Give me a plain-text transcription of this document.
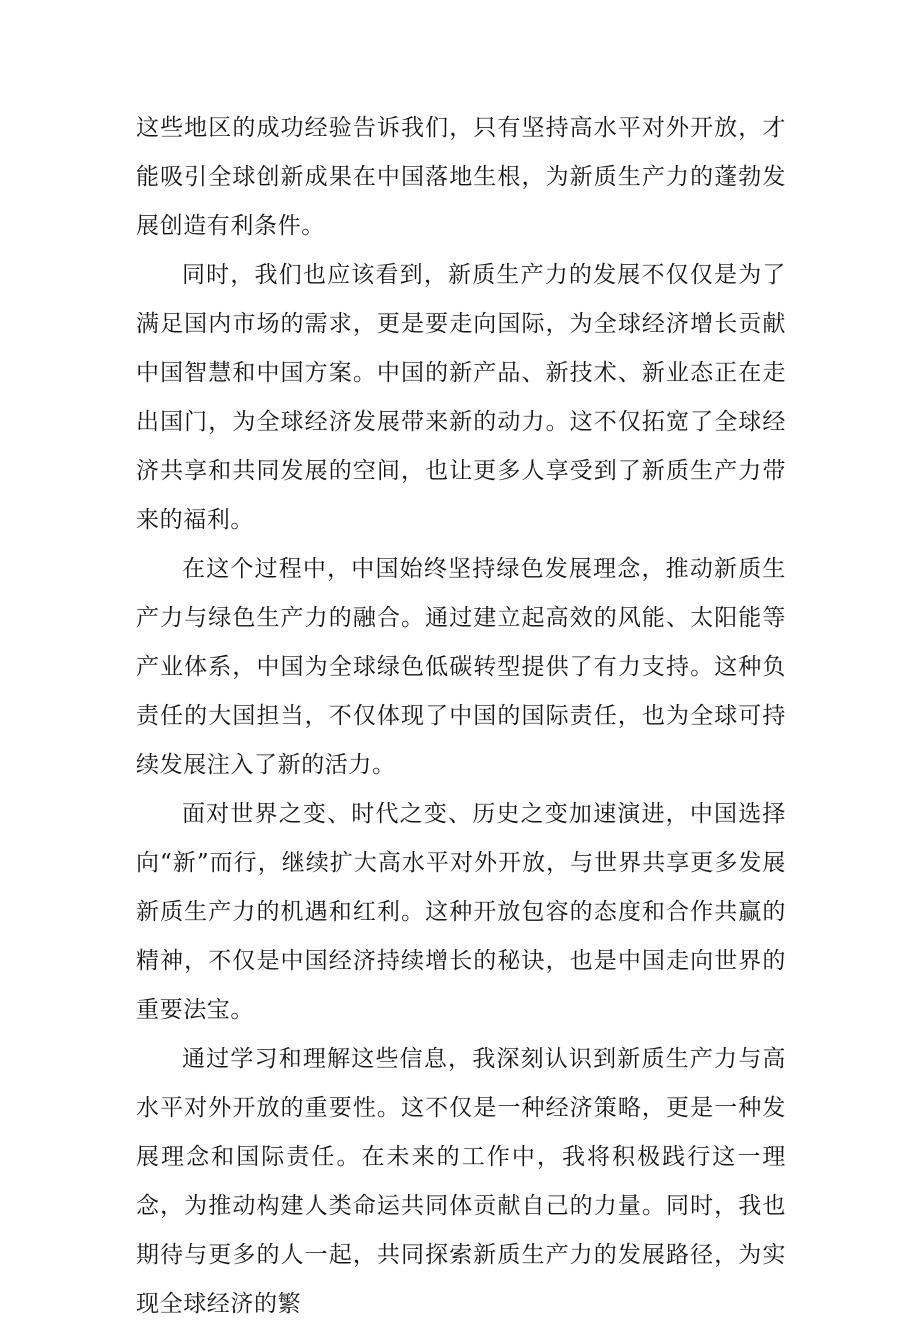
这些地区的成功经验告诉我们，只有坚持高水平对外开放，才能吸引全球创新成果在中国落地生根，为新质生产力的蓬勃发展创造有利条件。

同时，我们也应该看到，新质生产力的发展不仅仅是为了满足国内市场的需求，更是要走向国际，为全球经济增长贡献中国智慧和中国方案。中国的新产品、新技术、新业态正在走出国门，为全球经济发展带来新的动力。这不仅拓宽了全球经济共享和共同发展的空间，也让更多人享受到了新质生产力带来的福利。

在这个过程中，中国始终坚持绿色发展理念，推动新质生产力与绿色生产力的融合。通过建立起高效的风能、太阳能等产业体系，中国为全球绿色低碳转型提供了有力支持。这种负责任的大国担当，不仅体现了中国的国际责任，也为全球可持续发展注入了新的活力。

面对世界之变、时代之变、历史之变加速演进，中国选择向“新”而行，继续扩大高水平对外开放，与世界共享更多发展新质生产力的机遇和红利。这种开放包容的态度和合作共赢的精神，不仅是中国经济持续增长的秘诀，也是中国走向世界的重要法宝。

通过学习和理解这些信息，我深刻认识到新质生产力与高水平对外开放的重要性。这不仅是一种经济策略，更是一种发展理念和国际责任。在未来的工作中，我将积极践行这一理念，为推动构建人类命运共同体贡献自己的力量。同时，我也期待与更多的人一起，共同探索新质生产力的发展路径，为实现全球经济的繁
